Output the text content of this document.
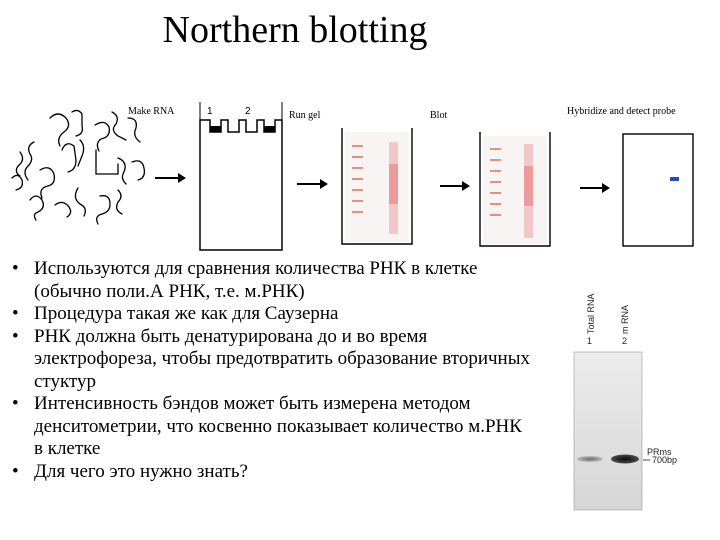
Northern blotting
Make RNA	1	2	Run gel	Blot	Hybridize and detect probe
• Используются для сравнения количества РНК в клетке (обычно поли.А РНК, т.е. м.РНК)
• Процедура такая же как для Саузерна
• РНК должна быть денатурирована до и во время электрофореза, чтобы предотвратить образование вторичных стуктур
• Интенсивность бэндов может быть измерена методом денситометрии, что косвенно показывает количество м.РНК в клетке
• Для чего это нужно знать?
Total RNA	m RNA
1	2
PRms
700bp
